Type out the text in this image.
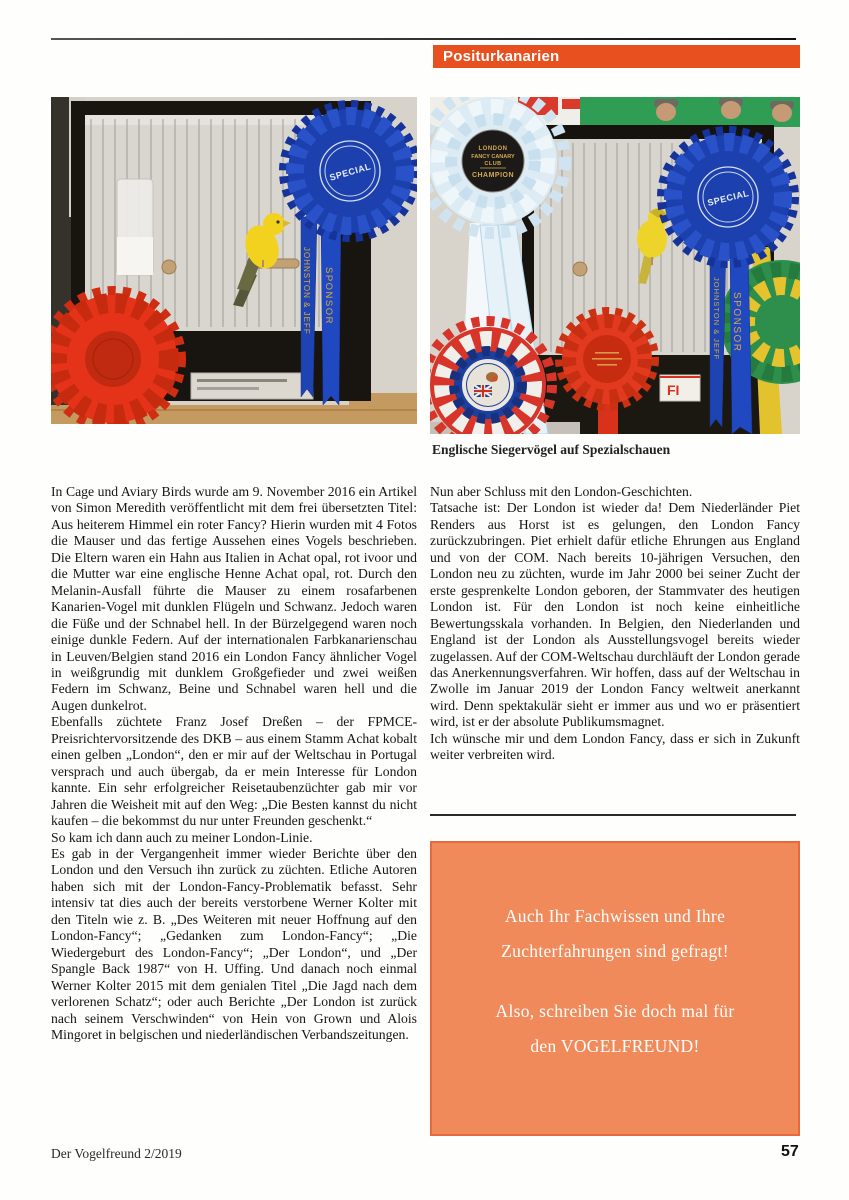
Positurkanarien
JOHNSTON & JEFF SPONSOR
SPECIAL
JOHNSTON & JEFF SPONSOR
SPECIAL
LONDON
FANCY CANARY
CLUB
CHAMPION
FI
Englische Siegervögel auf Spezialschauen

In Cage und Aviary Birds wurde am 9. November 2016 ein Artikel von Simon Meredith veröffentlicht mit dem frei übersetzten Titel: Aus heiterem Himmel ein roter Fancy? Hierin wurden mit 4 Fotos die Mauser und das fertige Aussehen eines Vogels beschrieben. Die Eltern waren ein Hahn aus Italien in Achat opal, rot ivoor und die Mutter war eine englische Henne Achat opal, rot. Durch den Melanin-Ausfall führte die Mauser zu einem rosafarbenen Kanarien-Vogel mit dunklen Flügeln und Schwanz. Jedoch waren die Füße und der Schnabel hell. In der Bürzelgegend waren noch einige dunkle Federn. Auf der internationalen Farbkanarienschau in Leuven/Belgien stand 2016 ein London Fancy ähnlicher Vogel in weißgrundig mit dunklem Großgefieder und zwei weißen Federn im Schwanz, Beine und Schnabel waren hell und die Augen dunkelrot.

Ebenfalls züchtete Franz Josef Dreßen – der FPMCE-Preisrichtervorsitzende des DKB – aus einem Stamm Achat kobalt einen gelben „London“, den er mir auf der Weltschau in Portugal versprach und auch übergab, da er mein Interesse für London kannte. Ein sehr erfolgreicher Reisetaubenzüchter gab mir vor Jahren die Weisheit mit auf den Weg: „Die Besten kannst du nicht kaufen – die bekommst du nur unter Freunden geschenkt.“

So kam ich dann auch zu meiner London-Linie.

Es gab in der Vergangenheit immer wieder Berichte über den London und den Versuch ihn zurück zu züchten. Etliche Autoren haben sich mit der London-Fancy-Problematik befasst. Sehr intensiv tat dies auch der bereits verstorbene Werner Kolter mit den Titeln wie z. B. „Des Weiteren mit neuer Hoffnung auf den London-Fancy“; „Gedanken zum London-Fancy“; „Die Wiedergeburt des London-Fancy“; „Der London“, und „Der Spangle Back 1987“ von H. Uffing. Und danach noch einmal Werner Kolter 2015 mit dem genialen Titel „Die Jagd nach dem verlorenen Schatz“; oder auch Berichte „Der London ist zurück nach seinem Verschwinden“ von Hein von Grown und Alois Mingoret in belgischen und niederländischen Verbandszeitungen.

Nun aber Schluss mit den London-Geschichten.

Tatsache ist: Der London ist wieder da! Dem Niederländer Piet Renders aus Horst ist es gelungen, den London Fancy zurückzubringen. Piet erhielt dafür etliche Ehrungen aus England und von der COM. Nach bereits 10-jährigen Versuchen, den London neu zu züchten, wurde im Jahr 2000 bei seiner Zucht der erste gesprenkelte London geboren, der Stammvater des heutigen London ist. Für den London ist noch keine einheitliche Bewertungsskala vorhanden. In Belgien, den Niederlanden und England ist der London als Ausstellungsvogel bereits wieder zugelassen. Auf der COM-Weltschau durchläuft der London gerade das Anerkennungsverfahren. Wir hoffen, dass auf der Weltschau in Zwolle im Januar 2019 der London Fancy weltweit anerkannt wird. Denn spektakulär sieht er immer aus und wo er präsentiert wird, ist er der absolute Publikumsmagnet.

Ich wünsche mir und dem London Fancy, dass er sich in Zukunft weiter verbreiten wird.

Auch Ihr Fachwissen und Ihre
Zuchterfahrungen sind gefragt!

Also, schreiben Sie doch mal für
den VOGELFREUND!

Der Vogelfreund 2/2019	57
